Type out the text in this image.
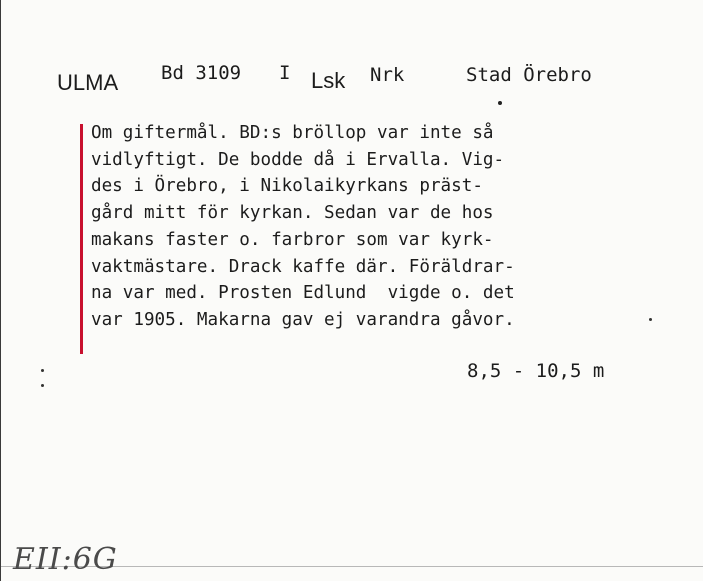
ULMA Bd 3109 I Lsk Nrk	Stad Örebro
Om giftermål. BD:s bröllop var inte så
vidlyftigt. De bodde då i Ervalla. Vig-
des i Örebro, i Nikolaikyrkans präst-
gård mitt för kyrkan. Sedan var de hos
makans faster o. farbror som var kyrk-
vaktmästare. Drack kaffe där. Föräldrar-
na var med. Prosten Edlund  vigde o. det
var 1905. Makarna gav ej varandra gåvor.
8,5 - 10,5 m
EII:6G
